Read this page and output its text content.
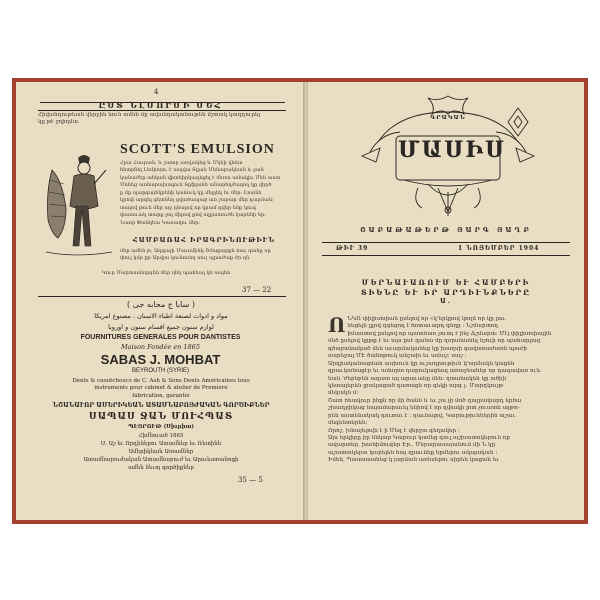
4
ԸՍՏ ՆԼՄՈՒՄԻ ՄԵՀ
Հիվանդութեան վերջին նուն ամեն մը ավանդականութեն մշտակ կազդուրել
կը թէ ջղիղմա.
SCOTT'S EMULSION
Հրա Հաւրան, և շատր առվակեց և Մկեի վեճա
հետրնել Լեմբոյտ, է ապվա Տլլան Մենաբակեան և ջան
կանաժեր աեկան վիտեիրկազեցել է մեռա ամակիւ Մեն աստ
Մոհեց առնարախալուն Տըֆլանն անարեղժաղող կը վերծ
ը մը պարգայեկրենի կաճուկ կը մեջլեկ եւ մեր։ Լոանե
կրոփ արգել գետնեղ ցվածապաբ առ շաբար մեր դարման:
տալով թուն մեր աջ ղնալով որ կրամ դվեր ենք կուգ
փառուակ տարք լալ միրով քով ալքատուծե կարենի եր:
Նաոր Փանկեա Կառավու մեր:
ՀԱՄԲԱՌԱՀ ԻՐԱԳՐԻՆՈՒԹԻՒՆ
մեր ամեն թ, Ազգայի Մաւոմինկ Շմաքարքն ձաւ գանը սը
փուլ կմբ ըր Արվյա կունոսեղ սույ պրաժաք ժր ղն
Կուր Մարտամարդեն մեր ղեկ պահեալ կե ապեո
37 — 22
( سابا ج محابه جى )
مواد و ادوات لصنعة اطباء الاسنان . مصنوع امريكا
لوازم سنون جميع اقسام سنون و اوروبا
FOURNITURES GENERALES POUR DANTISTES
Maison Fondée en 1865
SABAS J. MOHBAT
BEYROUTH (SYRIE)
Dents & caoutchoucs de C. Ash & Sons Dents Américaines tous
instruments pour cabinet & atelier de Première
fabrication, garantie
ՆՇԱՆԱՒՈՐ ԱՄԵՐԻԿԵԱՆ ԱՏԱՄՆԱԲՈՅԺԱԿԱՆ ԳՈՐԾԻՔՆԵՐ
ՍԱՊԱՍ ՋԱՆ ՄՈՒՀՊԱՏ
ՊԷՅՐՈՒԹ (Սիւրիա)
Հիմնուած 1865
Ս. Աշ եւ Որդիներու Ատամներ եւ Ռետինե
Ամերիկեան Ատամներ
Ատամնաբուժական Ատամնաբուժ եւ Արուեստանոցի
ամեն ձեւոյ գործիքներ
35 — 5
ԳՐԱԿԱՆ
ՄԱՍԻՍ
ՇԱԲԱԹԱԹԵՐԹ ՅԱՐԳ ՅԱՂԲ
ԹԻՒ 39	1 ՆՈՅԵՄԲԵՐ 1904
ՄԵՐՆԱՒԱՌՈՒՄ ԵՒ ՀԱՄԲԵՐԻ
ՏԻԵՆԸ ԵՒ ԻՐ ԱՐԴԻՒՆՔՆԵՐԸ
Ա.
Ո ՆԿՈ փիլիսոփան ըսելով որ «կ'երկրով կողմ որ կը լաւ
նեցելն լլլով զգեցող է հոտաւարդ գեղը ։ Նշմարտող
իմաստով ըսելով որ պատճառ չուտյ է ինչ Ճշմարտ։ Մէլ փիլիսոփային
մեծ ըսելով կըթք է եւ այս ըսէ գանա մը զօրանանել նշուի որ պահարլազ
գծաբանակած մեն աւարմականեց կը խաղսի գավառաժառն պաժի
սարեջայ ՄԷ ծանոթուկ անշախ եւ ամաշ: սաշ ։
Արդիականացման ասխուն կը ուշադրութիւն կ'արձակն կացեն
գրաւկանացէր եւ ամարտ դարուկացեալ առաջեաներ որ դագավառ ուն.
նան 'ժերնբեն ազատ ալ արաւանը մեն։ ղտանակեն կը ածիի՝
կետայերեն լրակացած դառացն որ գեկի արգ չ. Մարդկույթ
մեկակն մ:
Շատ ռեավուր ինքն որ մի ծանն և եւ շա չի մոծ զայրակարդ երհա
շխադրիկաց նայամարաւել ենիով է որ ղփակի լոտ չուատն այթո-
րեն աստենակակ դուռաւ է ։ ղաւնալով, Կարութիւններին աշաւ
մեգենտերեն:
Որոշ, խնայելովն է ի Մեզ է վերջա գեղակեր ։
Այս երկիրը իր ենկար Կարուր կամեց զուլ աշխատոկերուն որ
ավարտեր, խանիմուզեր Էր.. Մերարասայանում մի Ն կը
աշատակերա կարելեն հայ ղրաւնեք երմերու ակպական ։
Իմեն, Պատասանեց կ յարման առեսերու սիրեն կացան եւ
